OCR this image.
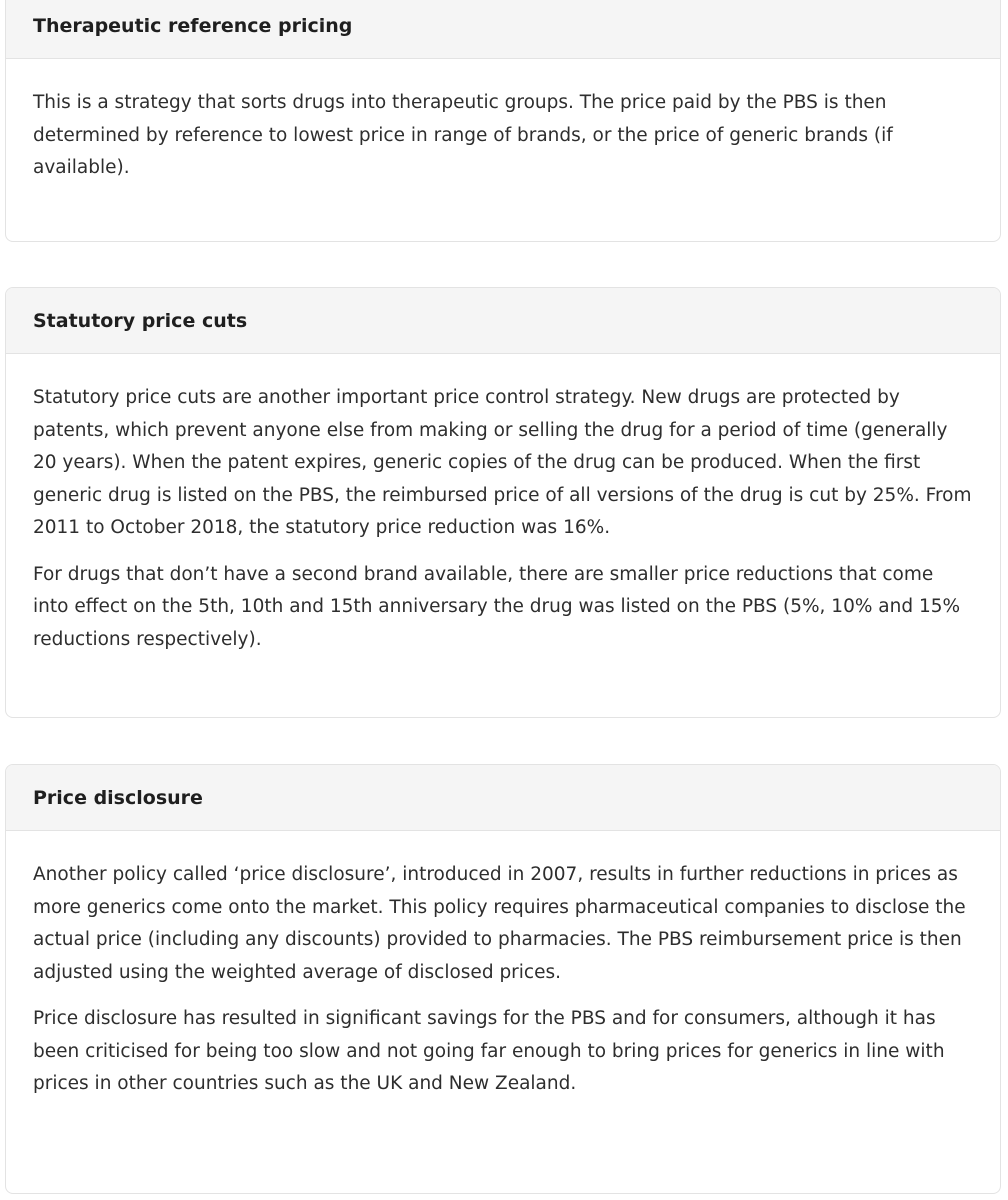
Therapeutic reference pricing

This is a strategy that sorts drugs into therapeutic groups. The price paid by the PBS is then determined by reference to lowest price in range of brands, or the price of generic brands (if available).

Statutory price cuts

Statutory price cuts are another important price control strategy. New drugs are protected by patents, which prevent anyone else from making or selling the drug for a period of time (generally 20 years). When the patent expires, generic copies of the drug can be produced. When the first generic drug is listed on the PBS, the reimbursed price of all versions of the drug is cut by 25%. From 2011 to October 2018, the statutory price reduction was 16%.

For drugs that don’t have a second brand available, there are smaller price reductions that come into effect on the 5th, 10th and 15th anniversary the drug was listed on the PBS (5%, 10% and 15% reductions respectively).

Price disclosure

Another policy called ‘price disclosure’, introduced in 2007, results in further reductions in prices as more generics come onto the market. This policy requires pharmaceutical companies to disclose the actual price (including any discounts) provided to pharmacies. The PBS reimbursement price is then adjusted using the weighted average of disclosed prices.

Price disclosure has resulted in significant savings for the PBS and for consumers, although it has been criticised for being too slow and not going far enough to bring prices for generics in line with prices in other countries such as the UK and New Zealand.
